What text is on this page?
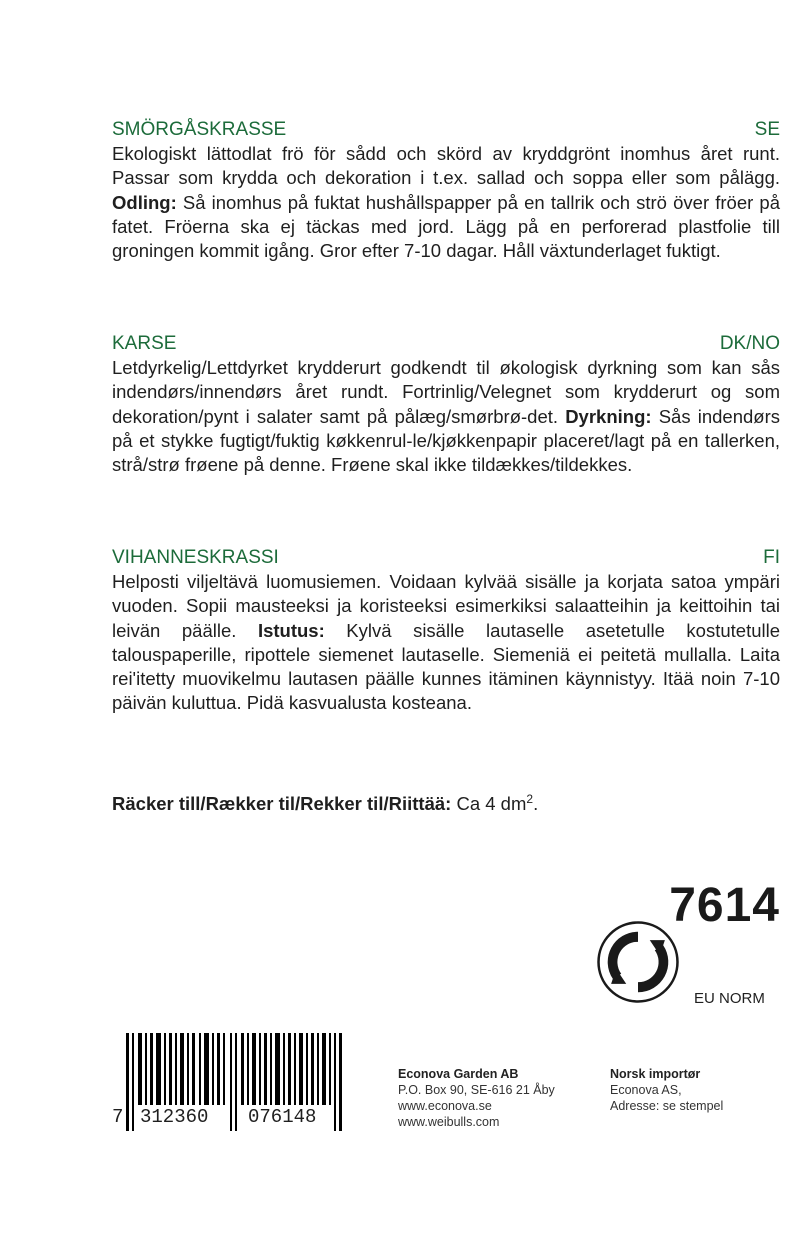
SMÖRGÅSKRASSE	SE

Ekologiskt lättodlat frö för sådd och skörd av kryddgrönt inomhus året runt. Passar som krydda och dekoration i t.ex. sallad och soppa eller som pålägg. Odling: Så inomhus på fuktat hushållspapper på en tallrik och strö över fröer på fatet. Fröerna ska ej täckas med jord. Lägg på en perforerad plastfolie till groningen kommit igång. Gror efter 7-10 dagar. Håll växtunderlaget fuktigt.

KARSE	DK/NO

Letdyrkelig/Lettdyrket krydderurt godkendt til økologisk dyrkning som kan sås indendørs/innendørs året rundt. Fortrinlig/Velegnet som krydderurt og som dekoration/pynt i salater samt på pålæg/smørbrø-det. Dyrkning: Sås indendørs på et stykke fugtigt/fuktig køkkenrul-le/kjøkkenpapir placeret/lagt på en tallerken, strå/strø frøene på denne. Frøene skal ikke tildækkes/tildekkes.

VIHANNESKRASSI	FI

Helposti viljeltävä luomusiemen. Voidaan kylvää sisälle ja korjata satoa ympäri vuoden. Sopii mausteeksi ja koristeeksi esimerkiksi salaatteihin ja keittoihin tai leivän päälle. Istutus: Kylvä sisälle lautaselle asetetulle kostutetulle talouspaperille, ripottele siemenet lautaselle. Siemeniä ei peitetä mullalla. Laita rei'itetty muovikelmu lautasen päälle kunnes itäminen käynnistyy. Itää noin 7-10 päivän kuluttua. Pidä kasvualusta kosteana.

Räcker till/Rækker til/Rekker til/Riittää: Ca 4 $dm^2$.
7614
EU NORM
7 312360 076148
Econova Garden AB
P.O. Box 90, SE-616 21 Åby
www.econova.se
www.weibulls.com
Norsk importør
Econova AS,
Adresse: se stempel
